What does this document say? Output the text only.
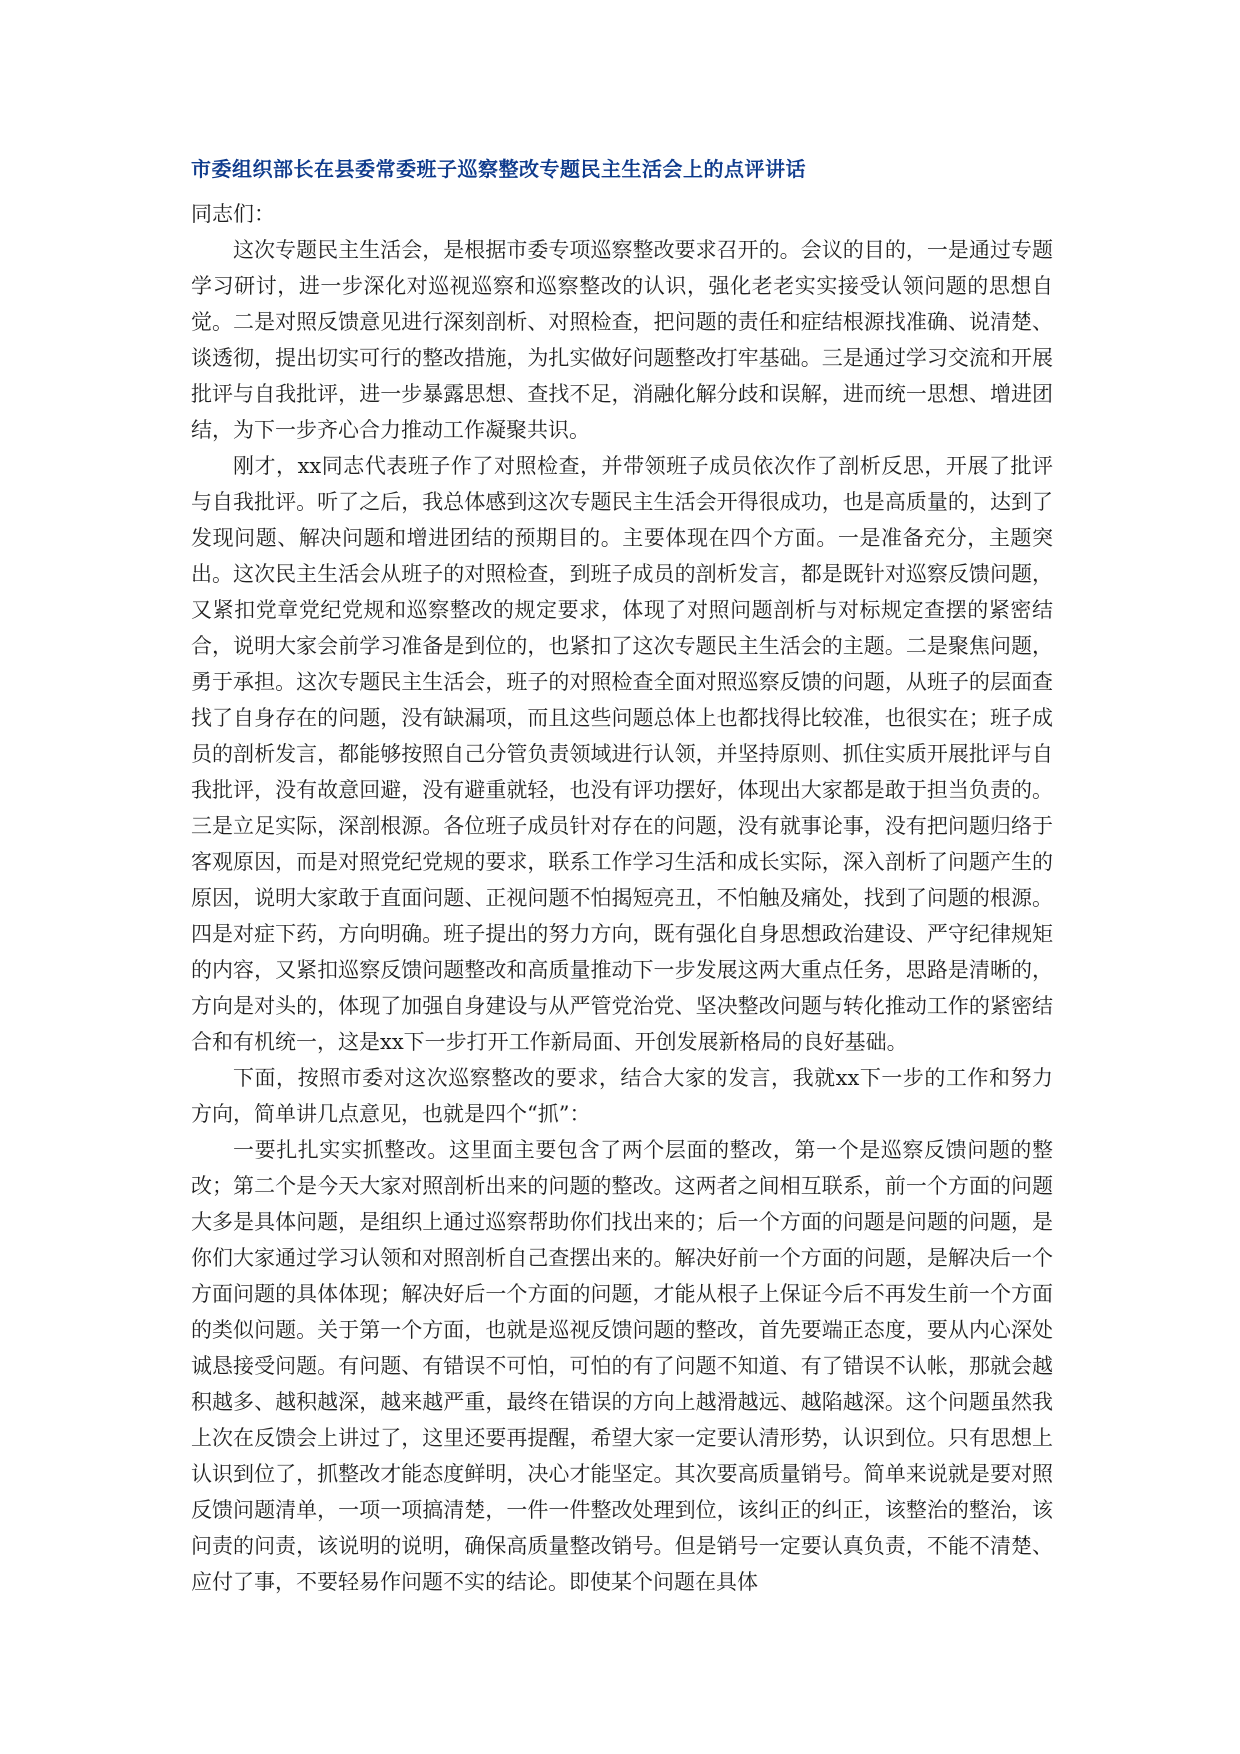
市委组织部长在县委常委班子巡察整改专题民主生活会上的点评讲话

同志们：

这次专题民主生活会，是根据市委专项巡察整改要求召开的。会议的目的，一是通过专题学习研讨，进一步深化对巡视巡察和巡察整改的认识，强化老老实实接受认领问题的思想自觉。二是对照反馈意见进行深刻剖析、对照检查，把问题的责任和症结根源找准确、说清楚、谈透彻，提出切实可行的整改措施，为扎实做好问题整改打牢基础。三是通过学习交流和开展批评与自我批评，进一步暴露思想、查找不足，消融化解分歧和误解，进而统一思想、增进团结，为下一步齐心合力推动工作凝聚共识。

刚才，xx同志代表班子作了对照检查，并带领班子成员依次作了剖析反思，开展了批评与自我批评。听了之后，我总体感到这次专题民主生活会开得很成功，也是高质量的，达到了发现问题、解决问题和增进团结的预期目的。主要体现在四个方面。一是准备充分，主题突出。这次民主生活会从班子的对照检查，到班子成员的剖析发言，都是既针对巡察反馈问题，又紧扣党章党纪党规和巡察整改的规定要求，体现了对照问题剖析与对标规定查摆的紧密结合，说明大家会前学习准备是到位的，也紧扣了这次专题民主生活会的主题。二是聚焦问题，勇于承担。这次专题民主生活会，班子的对照检查全面对照巡察反馈的问题，从班子的层面查找了自身存在的问题，没有缺漏项，而且这些问题总体上也都找得比较准，也很实在；班子成员的剖析发言，都能够按照自己分管负责领域进行认领，并坚持原则、抓住实质开展批评与自我批评，没有故意回避，没有避重就轻，也没有评功摆好，体现出大家都是敢于担当负责的。三是立足实际，深剖根源。各位班子成员针对存在的问题，没有就事论事，没有把问题归络于客观原因，而是对照党纪党规的要求，联系工作学习生活和成长实际，深入剖析了问题产生的原因，说明大家敢于直面问题、正视问题不怕揭短亮丑，不怕触及痛处，找到了问题的根源。四是对症下药，方向明确。班子提出的努力方向，既有强化自身思想政治建设、严守纪律规矩的内容，又紧扣巡察反馈问题整改和高质量推动下一步发展这两大重点任务，思路是清晰的，方向是对头的，体现了加强自身建设与从严管党治党、坚决整改问题与转化推动工作的紧密结合和有机统一，这是xx下一步打开工作新局面、开创发展新格局的良好基础。

下面，按照市委对这次巡察整改的要求，结合大家的发言，我就xx下一步的工作和努力方向，简单讲几点意见，也就是四个“抓”：

一要扎扎实实抓整改。这里面主要包含了两个层面的整改，第一个是巡察反馈问题的整改；第二个是今天大家对照剖析出来的问题的整改。这两者之间相互联系，前一个方面的问题大多是具体问题，是组织上通过巡察帮助你们找出来的；后一个方面的问题是问题的问题，是你们大家通过学习认领和对照剖析自己查摆出来的。解决好前一个方面的问题，是解决后一个方面问题的具体体现；解决好后一个方面的问题，才能从根子上保证今后不再发生前一个方面的类似问题。关于第一个方面，也就是巡视反馈问题的整改，首先要端正态度，要从内心深处诚恳接受问题。有问题、有错误不可怕，可怕的有了问题不知道、有了错误不认帐，那就会越积越多、越积越深，越来越严重，最终在错误的方向上越滑越远、越陷越深。这个问题虽然我上次在反馈会上讲过了，这里还要再提醒，希望大家一定要认清形势，认识到位。只有思想上认识到位了，抓整改才能态度鲜明，决心才能坚定。其次要高质量销号。简单来说就是要对照反馈问题清单，一项一项搞清楚，一件一件整改处理到位，该纠正的纠正，该整治的整治，该问责的问责，该说明的说明，确保高质量整改销号。但是销号一定要认真负责，不能不清楚、应付了事，不要轻易作问题不实的结论。即使某个问题在具体
